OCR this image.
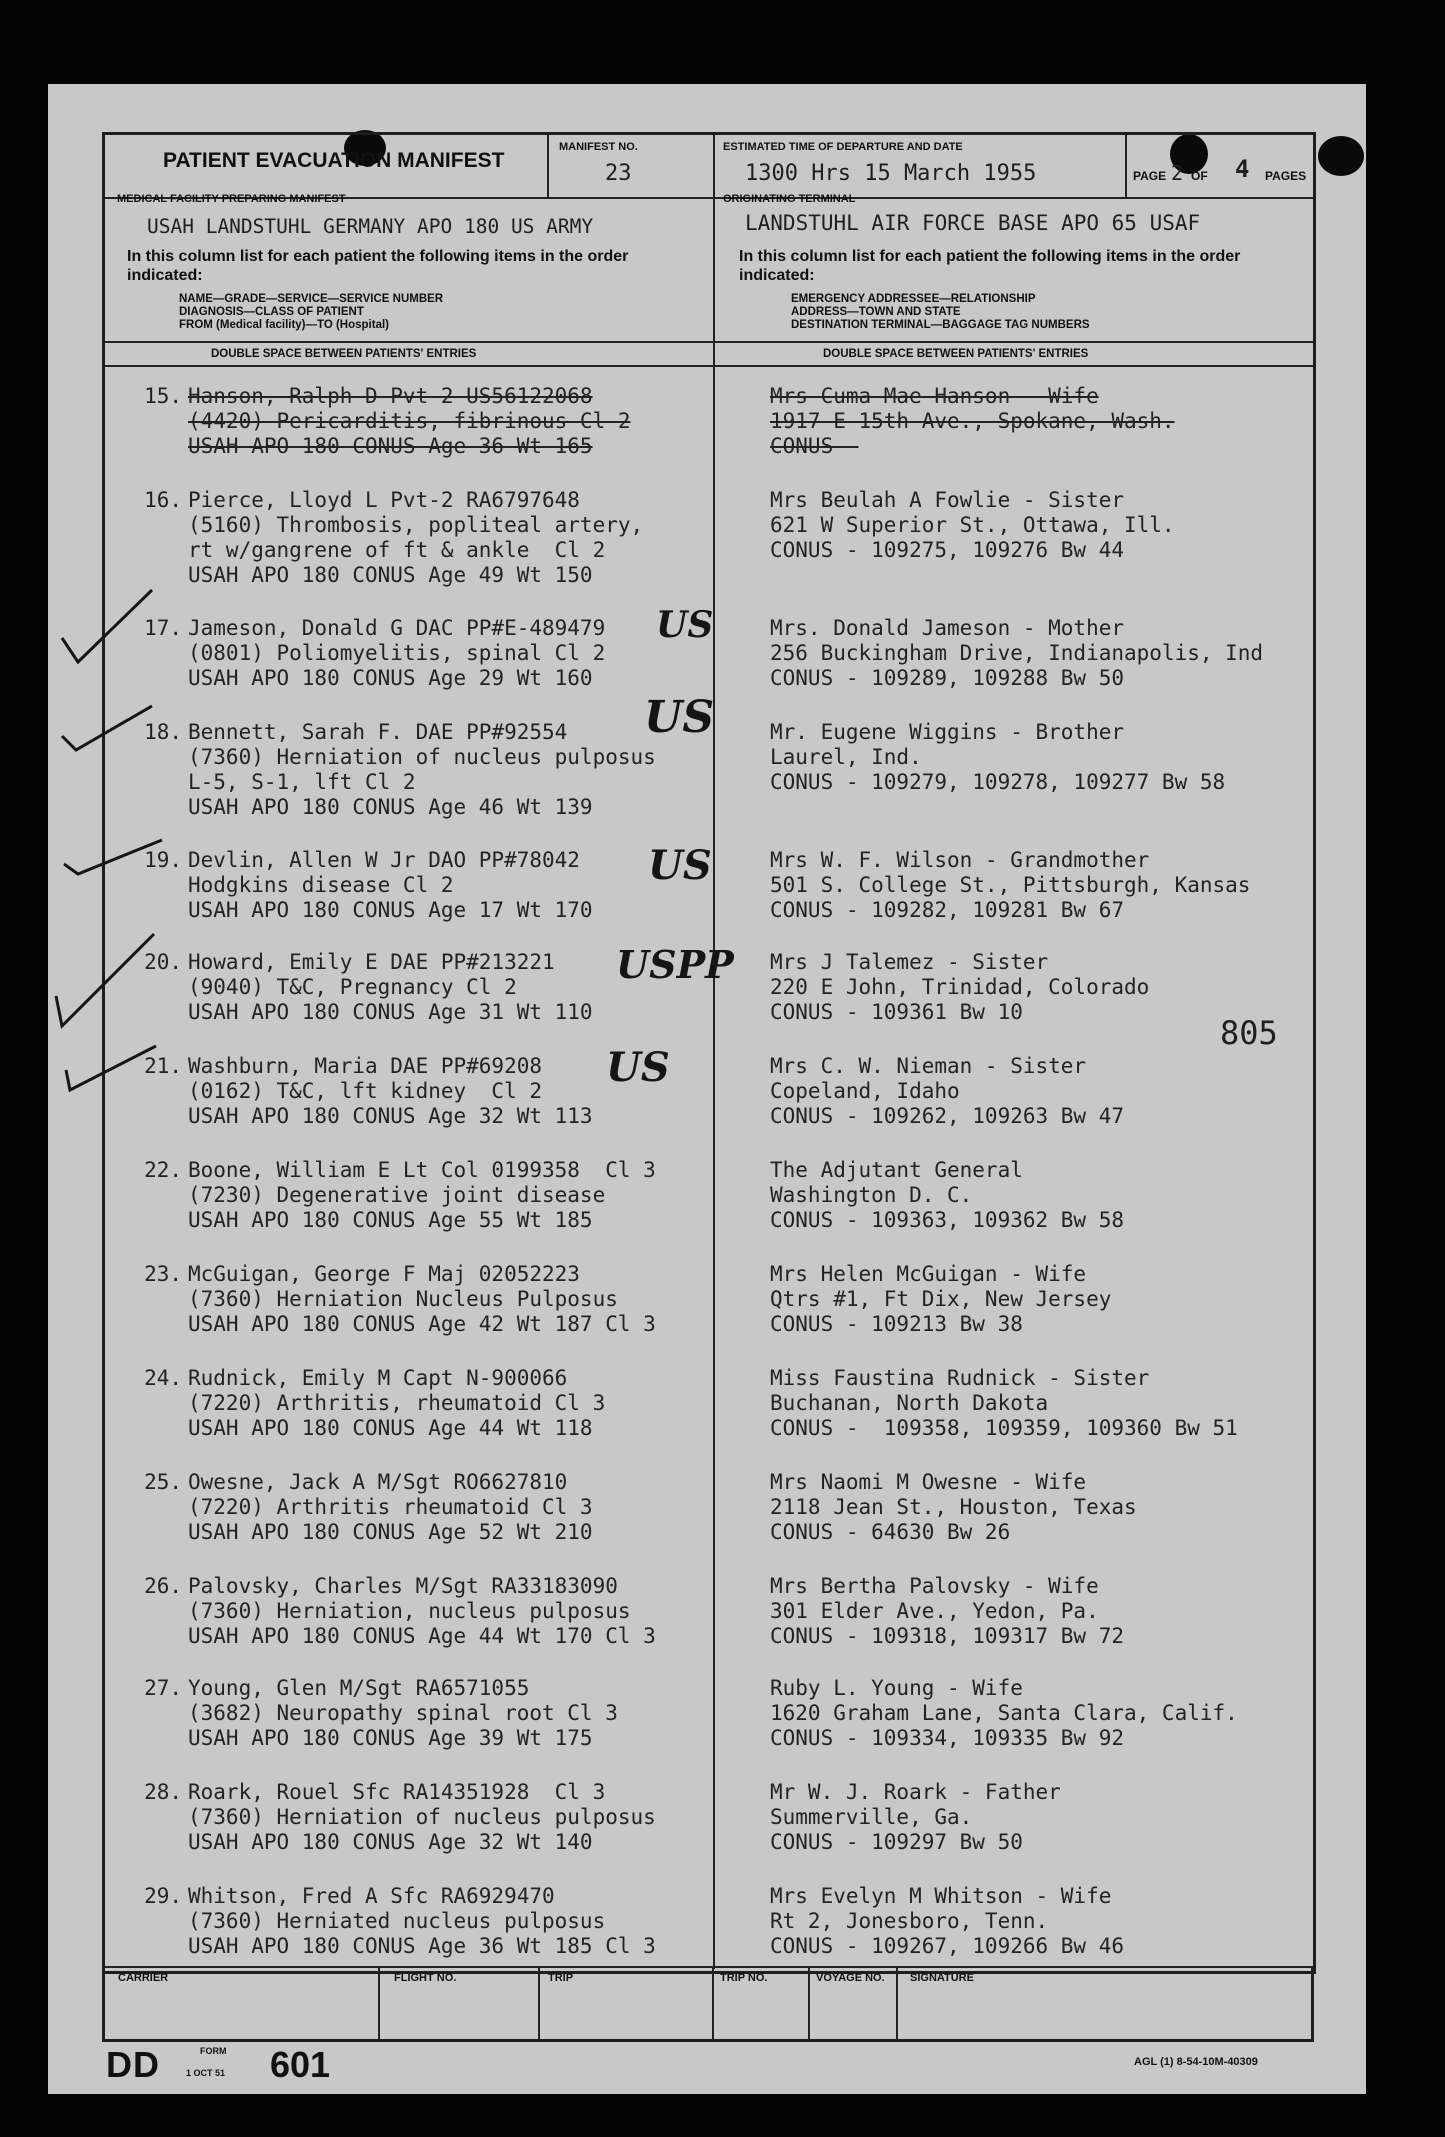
PATIENT EVACUATION MANIFEST
MANIFEST NO.
23
ESTIMATED TIME OF DEPARTURE AND DATE
1300 Hrs 15 March 1955	PAGE 2 OF 4 PAGES
MEDICAL FACILITY PREPARING MANIFEST
USAH LANDSTUHL GERMANY APO 180 US ARMY
ORIGINATING TERMINAL
LANDSTUHL AIR FORCE BASE APO 65 USAF
In this column list for each patient the following items in the order indicated:
NAME—GRADE—SERVICE—SERVICE NUMBER
DIAGNOSIS—CLASS OF PATIENT
FROM (Medical facility)—TO (Hospital)
In this column list for each patient the following items in the order indicated:
EMERGENCY ADDRESSEE—RELATIONSHIP
ADDRESS—TOWN AND STATE
DESTINATION TERMINAL—BAGGAGE TAG NUMBERS
DOUBLE SPACE BETWEEN PATIENTS' ENTRIES	DOUBLE SPACE BETWEEN PATIENTS' ENTRIES
CARRIER	FLIGHT NO.	TRIP	TRIP NO.	VOYAGE NO. SIGNATURE
DD	FORM
1 OCT 51 601	AGL (1) 8-54-10M-40309
15. Hanson, Ralph D Pvt-2 US56122068
(4420) Pericarditis, fibrinous Cl 2
USAH APO 180 CONUS Age 36 Wt 165
Mrs Cuma Mae Hanson - Wife
1917 E 15th Ave., Spokane, Wash.
CONUS -
16. Pierce, Lloyd L Pvt-2 RA6797648
(5160) Thrombosis, popliteal artery,
rt w/gangrene of ft & ankle  Cl 2
USAH APO 180 CONUS Age 49 Wt 150
Mrs Beulah A Fowlie - Sister
621 W Superior St., Ottawa, Ill.
CONUS - 109275, 109276 Bw 44
17. Jameson, Donald G DAC PP#E-489479
(0801) Poliomyelitis, spinal Cl 2
USAH APO 180 CONUS Age 29 Wt 160
Mrs. Donald Jameson - Mother
256 Buckingham Drive, Indianapolis, Ind
CONUS - 109289, 109288 Bw 50
18. Bennett, Sarah F. DAE PP#92554
(7360) Herniation of nucleus pulposus
L-5, S-1, lft Cl 2
USAH APO 180 CONUS Age 46 Wt 139
Mr. Eugene Wiggins - Brother
Laurel, Ind.
CONUS - 109279, 109278, 109277 Bw 58
19. Devlin, Allen W Jr DAO PP#78042
Hodgkins disease Cl 2
USAH APO 180 CONUS Age 17 Wt 170
Mrs W. F. Wilson - Grandmother
501 S. College St., Pittsburgh, Kansas
CONUS - 109282, 109281 Bw 67
20. Howard, Emily E DAE PP#213221
(9040) T&C, Pregnancy Cl 2
USAH APO 180 CONUS Age 31 Wt 110
Mrs J Talemez - Sister
220 E John, Trinidad, Colorado
CONUS - 109361 Bw 10
21. Washburn, Maria DAE PP#69208
(0162) T&C, lft kidney  Cl 2
USAH APO 180 CONUS Age 32 Wt 113
Mrs C. W. Nieman - Sister
Copeland, Idaho
CONUS - 109262, 109263 Bw 47
22. Boone, William E Lt Col 0199358  Cl 3
(7230) Degenerative joint disease
USAH APO 180 CONUS Age 55 Wt 185
The Adjutant General
Washington D. C.
CONUS - 109363, 109362 Bw 58
23. McGuigan, George F Maj 02052223
(7360) Herniation Nucleus Pulposus
USAH APO 180 CONUS Age 42 Wt 187 Cl 3
Mrs Helen McGuigan - Wife
Qtrs #1, Ft Dix, New Jersey
CONUS - 109213 Bw 38
24. Rudnick, Emily M Capt N-900066
(7220) Arthritis, rheumatoid Cl 3
USAH APO 180 CONUS Age 44 Wt 118
Miss Faustina Rudnick - Sister
Buchanan, North Dakota
CONUS -  109358, 109359, 109360 Bw 51
25. Owesne, Jack A M/Sgt RO6627810
(7220) Arthritis rheumatoid Cl 3
USAH APO 180 CONUS Age 52 Wt 210
Mrs Naomi M Owesne - Wife
2118 Jean St., Houston, Texas
CONUS - 64630 Bw 26
26. Palovsky, Charles M/Sgt RA33183090
(7360) Herniation, nucleus pulposus
USAH APO 180 CONUS Age 44 Wt 170 Cl 3
Mrs Bertha Palovsky - Wife
301 Elder Ave., Yedon, Pa.
CONUS - 109318, 109317 Bw 72
27. Young, Glen M/Sgt RA6571055
(3682) Neuropathy spinal root Cl 3
USAH APO 180 CONUS Age 39 Wt 175
Ruby L. Young - Wife
1620 Graham Lane, Santa Clara, Calif.
CONUS - 109334, 109335 Bw 92
28. Roark, Rouel Sfc RA14351928  Cl 3
(7360) Herniation of nucleus pulposus
USAH APO 180 CONUS Age 32 Wt 140
Mr W. J. Roark - Father
Summerville, Ga.
CONUS - 109297 Bw 50
29. Whitson, Fred A Sfc RA6929470
(7360) Herniated nucleus pulposus
USAH APO 180 CONUS Age 36 Wt 185 Cl 3
Mrs Evelyn M Whitson - Wife
Rt 2, Jonesboro, Tenn.
CONUS - 109267, 109266 Bw 46
US
US
US
USPP
US
805
